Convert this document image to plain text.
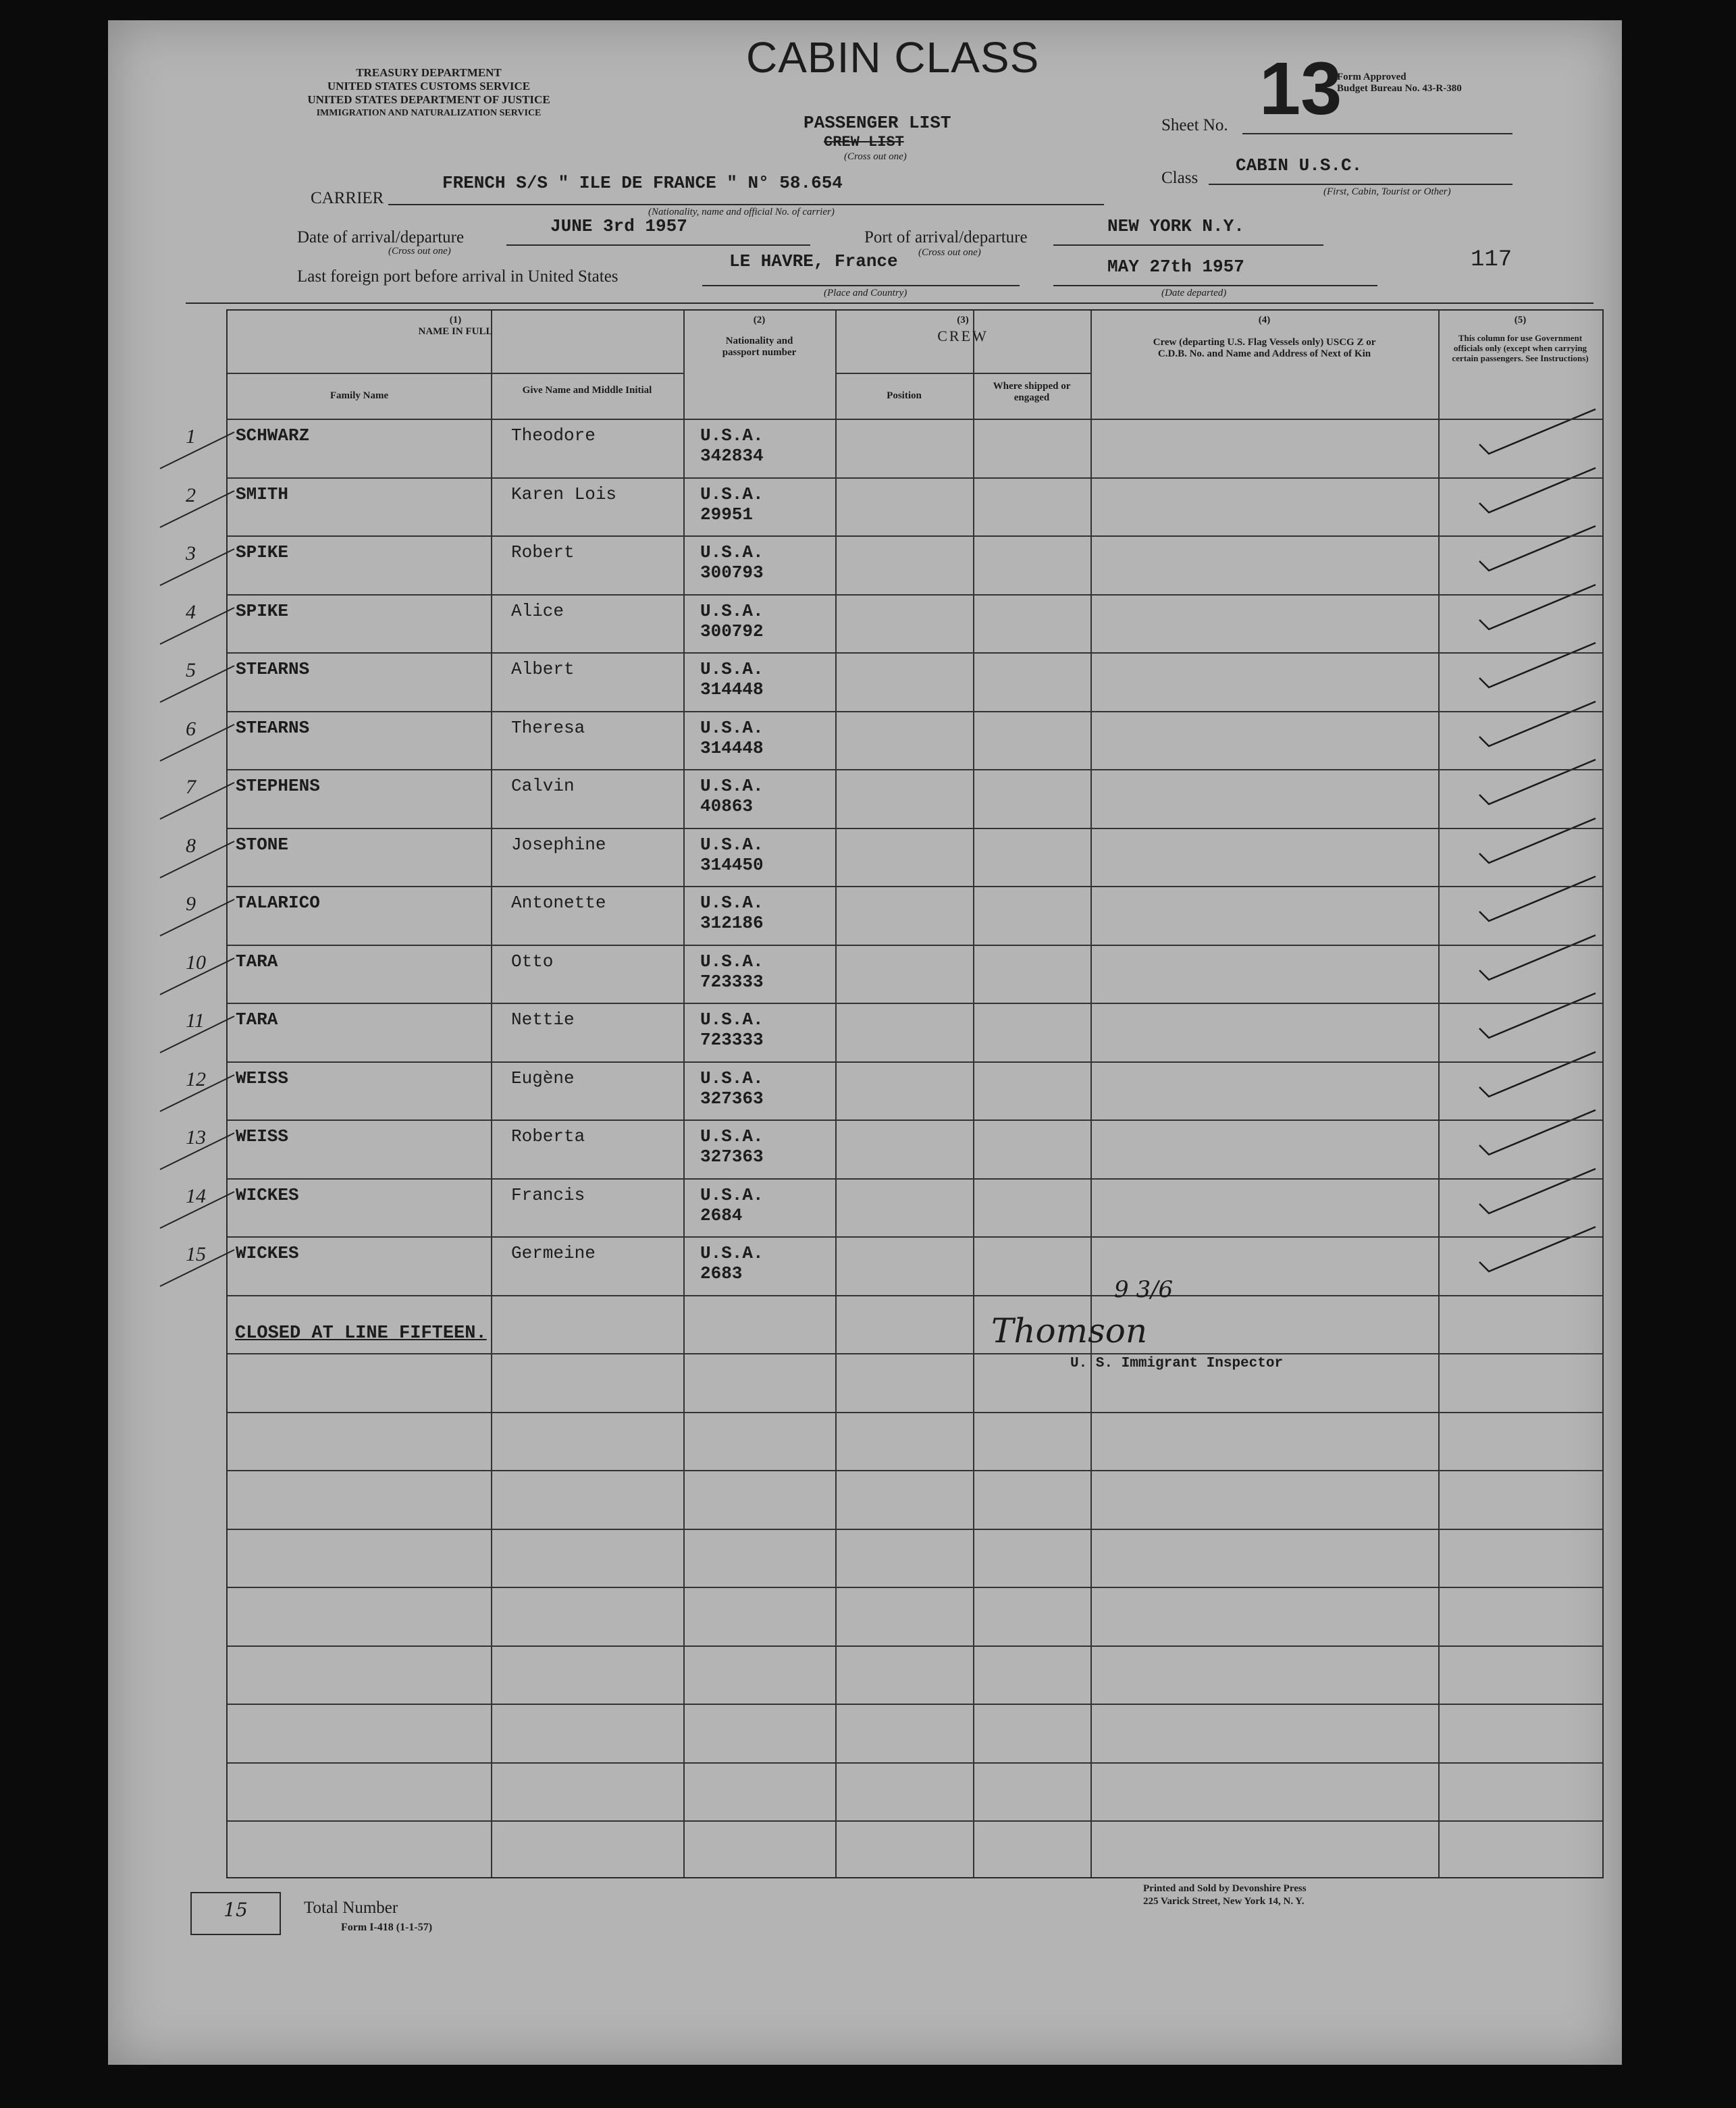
TREASURY DEPARTMENT
UNITED STATES CUSTOMS SERVICE
UNITED STATES DEPARTMENT OF JUSTICE
IMMIGRATION AND NATURALIZATION SERVICE
CABIN CLASS
PASSENGER LIST
CREW LIST
(Cross out one)
13
Sheet No.
Form Approved
Budget Bureau No. 43-R-380
CARRIER
FRENCH S/S " ILE DE FRANCE " N° 58.654
(Nationality, name and official No. of carrier)
Class
CABIN U.S.C.
(First, Cabin, Tourist or Other)
Date of arrival/departure
JUNE 3rd 1957
(Cross out one)
Port of arrival/departure
(Cross out one)
NEW YORK N.Y.
Last foreign port before arrival in United States
LE HAVRE, France
(Place and Country)
MAY 27th 1957
(Date departed)
117
(1)
NAME IN FULL
Family Name	Give Name and Middle Initial
(2)
Nationality and passport number
(3)
CREW
Position
Where shipped or engaged
(4)
Crew (departing U.S. Flag Vessels only) USCG Z or C.D.B. No. and Name and Address of Next of Kin
(5)
This column for use Government officials only (except when carrying certain passengers. See Instructions)
1 SCHWARZ	Theodore	U.S.A.
342834
2 SMITH	Karen Lois	U.S.A.
29951
3 SPIKE	Robert	U.S.A.
300793
4 SPIKE	Alice	U.S.A.
300792
5 STEARNS	Albert	U.S.A.
314448
6 STEARNS	Theresa	U.S.A.
314448
7 STEPHENS	Calvin	U.S.A.
40863
8 STONE	Josephine	U.S.A.
314450
9 TALARICO	Antonette	U.S.A.
312186
10 TARA	Otto	U.S.A.
723333
11 TARA	Nettie	U.S.A.
723333
12 WEISS	Eugène	U.S.A.
327363
13 WEISS	Roberta	U.S.A.
327363
14 WICKES	Francis	U.S.A.
2684
15 WICKES	Germeine	U.S.A.
2683
CLOSED AT LINE FIFTEEN.	Thomson
9 3/6
U. S. Immigrant Inspector
15	Total Number
Form I-418 (1-1-57)
Printed and Sold by Devonshire Press
225 Varick Street, New York 14, N. Y.
